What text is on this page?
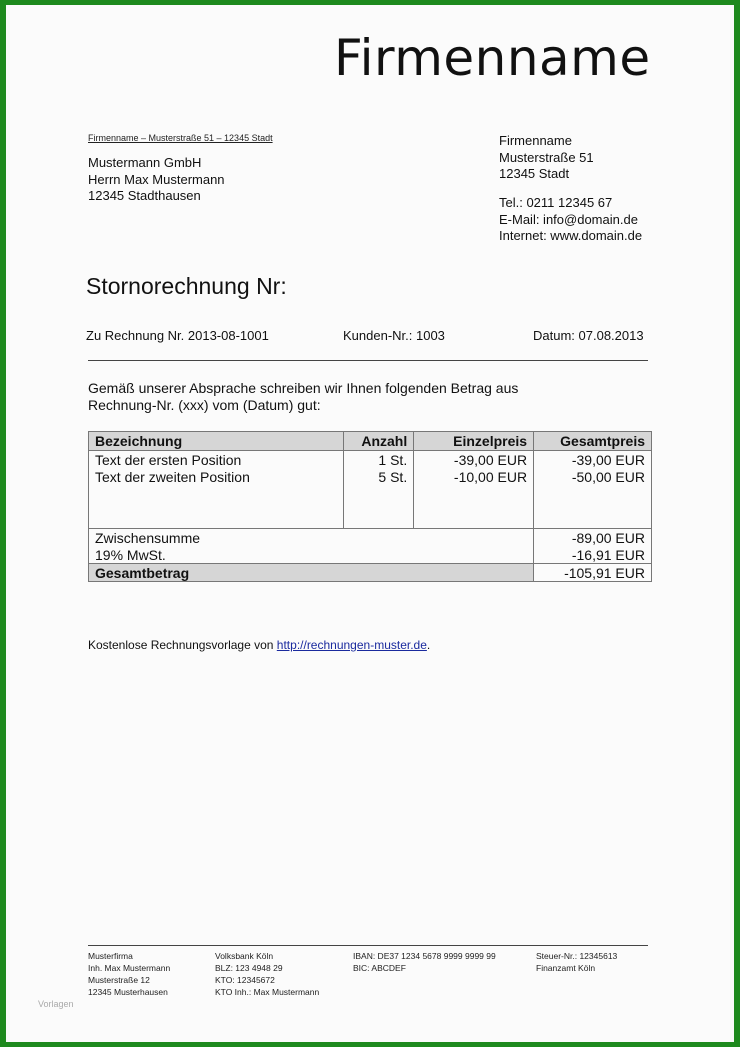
Firmenname
Firmenname – Musterstraße 51 – 12345 Stadt
Mustermann GmbH
Herrn Max Mustermann
12345 Stadthausen
Firmenname
Musterstraße 51
12345 Stadt
Tel.: 0211 12345 67
E-Mail: info@domain.de
Internet: www.domain.de
Stornorechnung Nr:
Zu Rechnung Nr. 2013-08-1001	Kunden-Nr.: 1003	Datum: 07.08.2013
Gemäß unserer Absprache schreiben wir Ihnen folgenden Betrag aus
Rechnung-Nr. (xxx) vom (Datum) gut:
Bezeichnung	Anzahl	Einzelpreis	Gesamtpreis
Text der ersten Position	1 St.	-39,00 EUR	-39,00 EUR
Text der zweiten Position	5 St.	-10,00 EUR	-50,00 EUR

Zwischensumme			-89,00 EUR
19% MwSt.			-16,91 EUR
Gesamtbetrag			-105,91 EUR
Kostenlose Rechnungsvorlage von http://rechnungen-muster.de.
Musterfirma
Inh. Max Mustermann
Musterstraße 12
12345 Musterhausen
Volksbank Köln
BLZ: 123 4948 29
KTO: 12345672
KTO Inh.: Max Mustermann
IBAN: DE37 1234 5678 9999 9999 99
BIC: ABCDEF
Steuer-Nr.: 12345613
Finanzamt Köln
Vorlagen
